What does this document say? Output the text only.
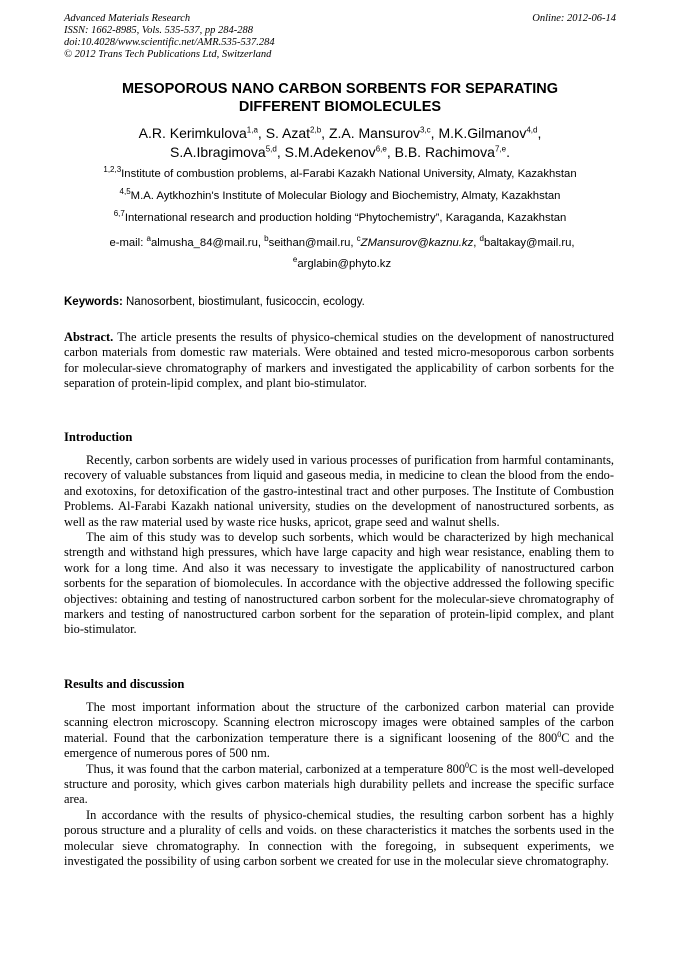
Advanced Materials Research
ISSN: 1662-8985, Vols. 535-537, pp 284-288
doi:10.4028/www.scientific.net/AMR.535-537.284
© 2012 Trans Tech Publications Ltd, Switzerland
Online: 2012-06-14
MESOPOROUS NANO CARBON SORBENTS FOR SEPARATING
DIFFERENT BIOMOLECULES
A.R. Kerimkulova$^{1,a}$, S. Azat$^{2,b}$, Z.A. Mansurov$^{3,c}$, M.K.Gilmanov$^{4,d}$,
S.A.Ibragimova$^{5,d}$, S.M.Adekenov$^{6,e}$, B.B. Rachimova$^{7,e}$.
$^{1,2,3}$Institute of combustion problems, al-Farabi Kazakh National University, Almaty, Kazakhstan
$^{4,5}$M.A. Aytkhozhin's Institute of Molecular Biology and Biochemistry, Almaty, Kazakhstan
$^{6,7}$International research and production holding “Phytochemistry”, Karaganda, Kazakhstan
e-mail: $^a$almusha_84@mail.ru, $^b$seithan@mail.ru, $^c$ZMansurov@kaznu.kz, $^d$baltakay@mail.ru,
$^e$arglabin@phyto.kz
Keywords: Nanosorbent, biostimulant, fusicoccin, ecology.

Abstract. The article presents the results of physico-chemical studies on the development of nanostructured carbon materials from domestic raw materials. Were obtained and tested micro-mesoporous carbon sorbents for molecular-sieve chromatography of markers and investigated the applicability of carbon sorbents for the separation of protein-lipid complex, and plant bio-stimulator.

Introduction

Recently, carbon sorbents are widely used in various processes of purification from harmful contaminants, recovery of valuable substances from liquid and gaseous media, in medicine to clean the blood from the endo-and exotoxins, for detoxification of the gastro-intestinal tract and other purposes. The Institute of Combustion Problems. Al-Farabi Kazakh national university, studies on the development of nanostructured sorbents, as well as the raw material used by waste rice husks, apricot, grape seed and walnut shells.

The aim of this study was to develop such sorbents, which would be characterized by high mechanical strength and withstand high pressures, which have large capacity and high wear resistance, enabling them to work for a long time. And also it was necessary to investigate the applicability of nanostructured carbon sorbents for the separation of biomolecules. In accordance with the objective addressed the following specific objectives: obtaining and testing of nanostructured carbon sorbent for the molecular-sieve chromatography of markers and testing of nanostructured carbon sorbent for the separation of protein-lipid complex, and plant bio-stimulator.

Results and discussion

The most important information about the structure of the carbonized carbon material can provide scanning electron microscopy. Scanning electron microscopy images were obtained samples of the carbon material. Found that the carbonization temperature there is a significant loosening of the $800^0C$ and the emergence of numerous pores of 500 nm.

Thus, it was found that the carbon material, carbonized at a temperature $800^0C$ is the most well-developed structure and porosity, which gives carbon materials high durability pellets and increase the specific surface area.

In accordance with the results of physico-chemical studies, the resulting carbon sorbent has a highly porous structure and a plurality of cells and voids. on these characteristics it matches the sorbents used in the molecular sieve chromatography. In connection with the foregoing, in subsequent experiments, we investigated the possibility of using carbon sorbent we created for use in the molecular sieve chromatography.
